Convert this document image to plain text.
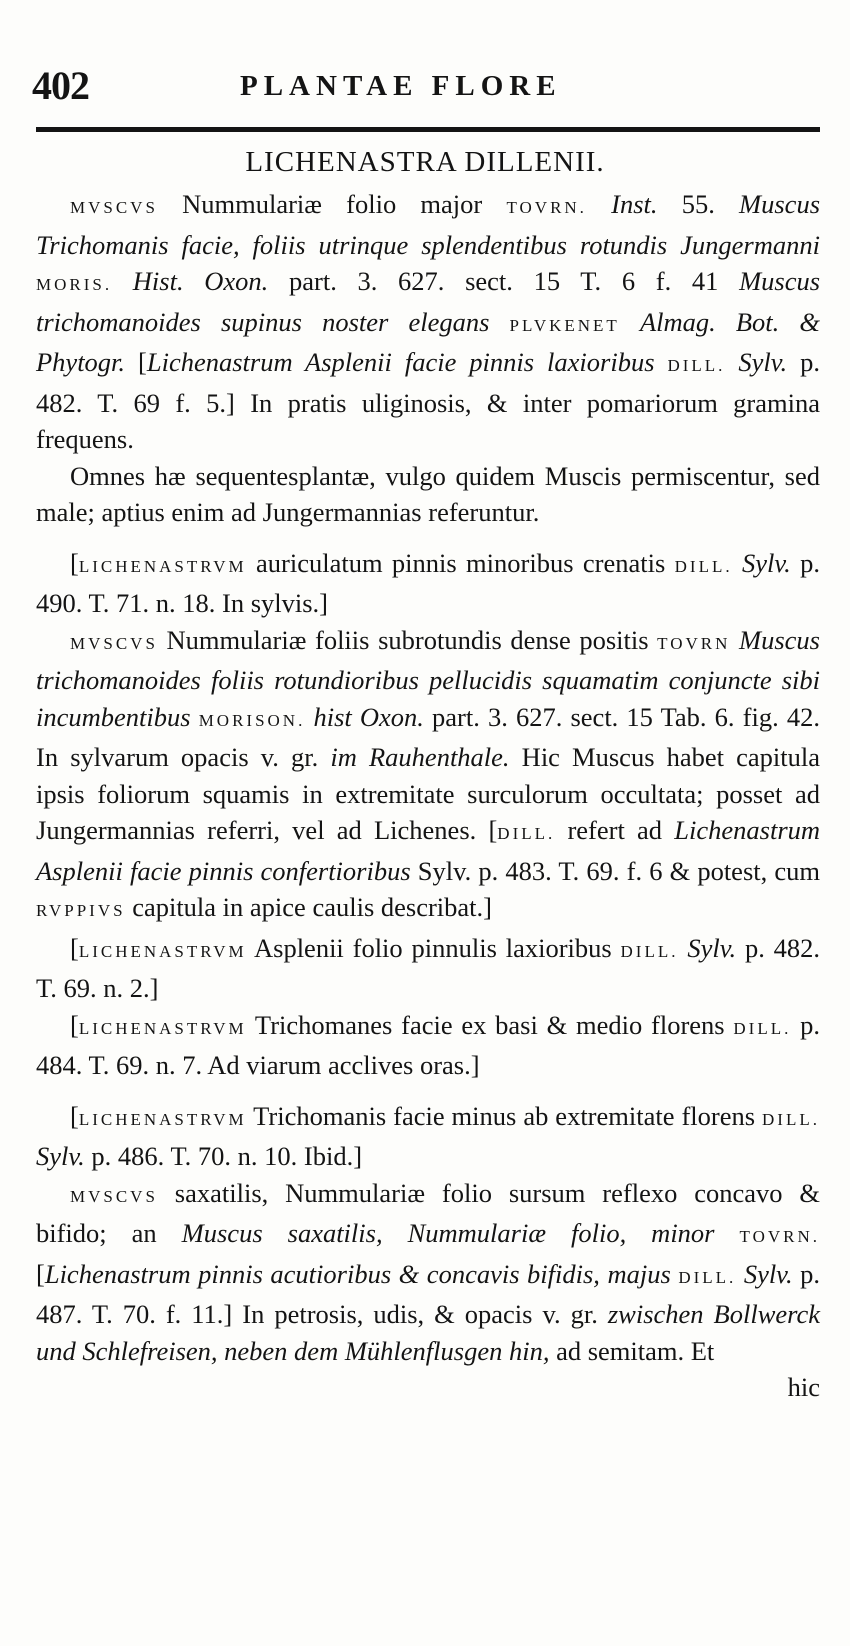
402	PLANTAE FLORE
LICHENASTRA DILLENII.

MVSCVS Nummulariæ folio major TOVRN. Inst. 55. Muscus Trichomanis facie, foliis utrinque splendentibus rotundis Jungermanni MORIS. Hist. Oxon. part. 3. 627. sect. 15 T. 6 f. 41 Muscus trichomanoides supinus noster elegans PLVKENET Almag. Bot. & Phytogr. [Lichenastrum Asplenii facie pinnis laxioribus DILL. Sylv. p. 482. T. 69 f. 5.] In pratis uliginosis, & inter pomariorum gramina frequens.

Omnes hæ sequentesplantæ, vulgo quidem Muscis permiscentur, sed male; aptius enim ad Jungermannias referuntur.

[LICHENASTRVM auriculatum pinnis minoribus crenatis DILL. Sylv. p. 490. T. 71. n. 18. In sylvis.]

MVSCVS Nummulariæ foliis subrotundis dense positis TOVRN Muscus trichomanoides foliis rotundioribus pellucidis squamatim conjuncte sibi incumbentibus MORISON. hist Oxon. part. 3. 627. sect. 15 Tab. 6. fig. 42. In sylvarum opacis v. gr. im Rauhenthale. Hic Muscus habet capitula ipsis foliorum squamis in extremitate surculorum occultata; posset ad Jungermannias referri, vel ad Lichenes. [DILL. refert ad Lichenastrum Asplenii facie pinnis confertioribus Sylv. p. 483. T. 69. f. 6 & potest, cum RVPPIVS capitula in apice caulis describat.]

[LICHENASTRVM Asplenii folio pinnulis laxioribus DILL. Sylv. p. 482. T. 69. n. 2.]

[LICHENASTRVM Trichomanes facie ex basi & medio florens DILL. p. 484. T. 69. n. 7. Ad viarum acclives oras.]

[LICHENASTRVM Trichomanis facie minus ab extremitate florens DILL. Sylv. p. 486. T. 70. n. 10. Ibid.]

MVSCVS saxatilis, Nummulariæ folio sursum reflexo concavo & bifido; an Muscus saxatilis, Nummulariæ folio, minor TOVRN. [Lichenastrum pinnis acutioribus & concavis bifidis, majus DILL. Sylv. p. 487. T. 70. f. 11.] In petrosis, udis, & opacis v. gr. zwischen Bollwerck und Schlefreisen, neben dem Mühlenflusgen hin, ad semitam. Et

hic
